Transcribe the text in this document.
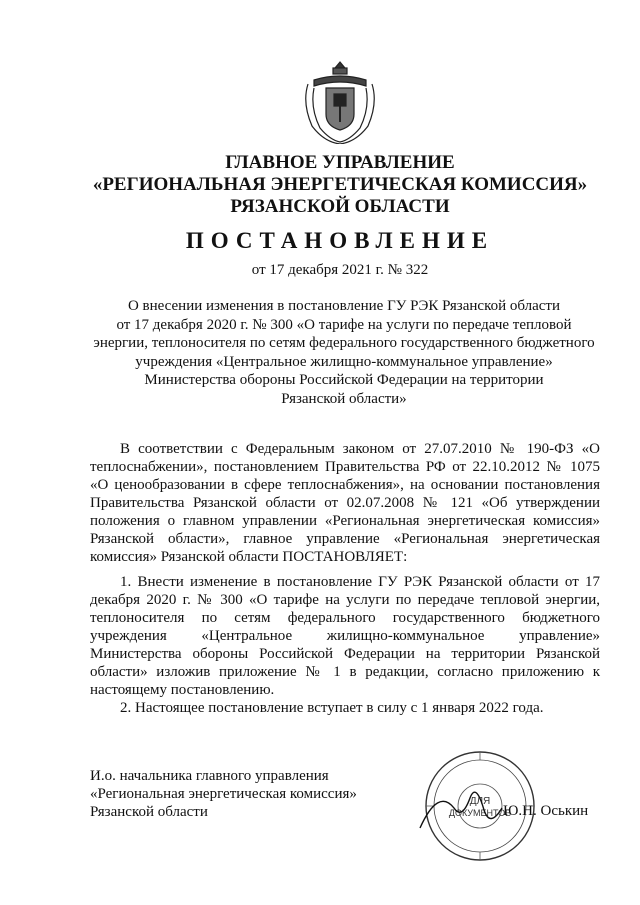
ГЛАВНОЕ УПРАВЛЕНИЕ
«РЕГИОНАЛЬНАЯ ЭНЕРГЕТИЧЕСКАЯ КОМИССИЯ»
РЯЗАНСКОЙ ОБЛАСТИ
ПОСТАНОВЛЕНИЕ
от 17 декабря 2021 г. № 322
О внесении изменения в постановление ГУ РЭК Рязанской области
от 17 декабря 2020 г. № 300 «О тарифе на услуги по передаче тепловой
энергии, теплоносителя по сетям федерального государственного бюджетного
учреждения «Центральное жилищно-коммунальное управление»
Министерства обороны Российской Федерации на территории
Рязанской области»

В соответствии с Федеральным законом от 27.07.2010 № 190-ФЗ «О теплоснабжении», постановлением Правительства РФ от 22.10.2012 № 1075 «О ценообразовании в сфере теплоснабжения», на основании постановления Правительства Рязанской области от 02.07.2008 № 121 «Об утверждении положения о главном управлении «Региональная энергетическая комиссия» Рязанской области», главное управление «Региональная энергетическая комиссия» Рязанской области ПОСТАНОВЛЯЕТ:

1. Внести изменение в постановление ГУ РЭК Рязанской области от 17 декабря 2020 г. № 300 «О тарифе на услуги по передаче тепловой энергии, теплоносителя по сетям федерального государственного бюджетного учреждения «Центральное жилищно-коммунальное управление» Министерства обороны Российской Федерации на территории Рязанской области» изложив приложение № 1 в редакции, согласно приложению к настоящему постановлению.

2. Настоящее постановление вступает в силу с 1 января 2022 года.

И.о. начальника главного управления
«Региональная энергетическая комиссия»
Рязанской области
ДЛЯ
ДОКУМЕНТОВ
Ю.Н. Оськин
